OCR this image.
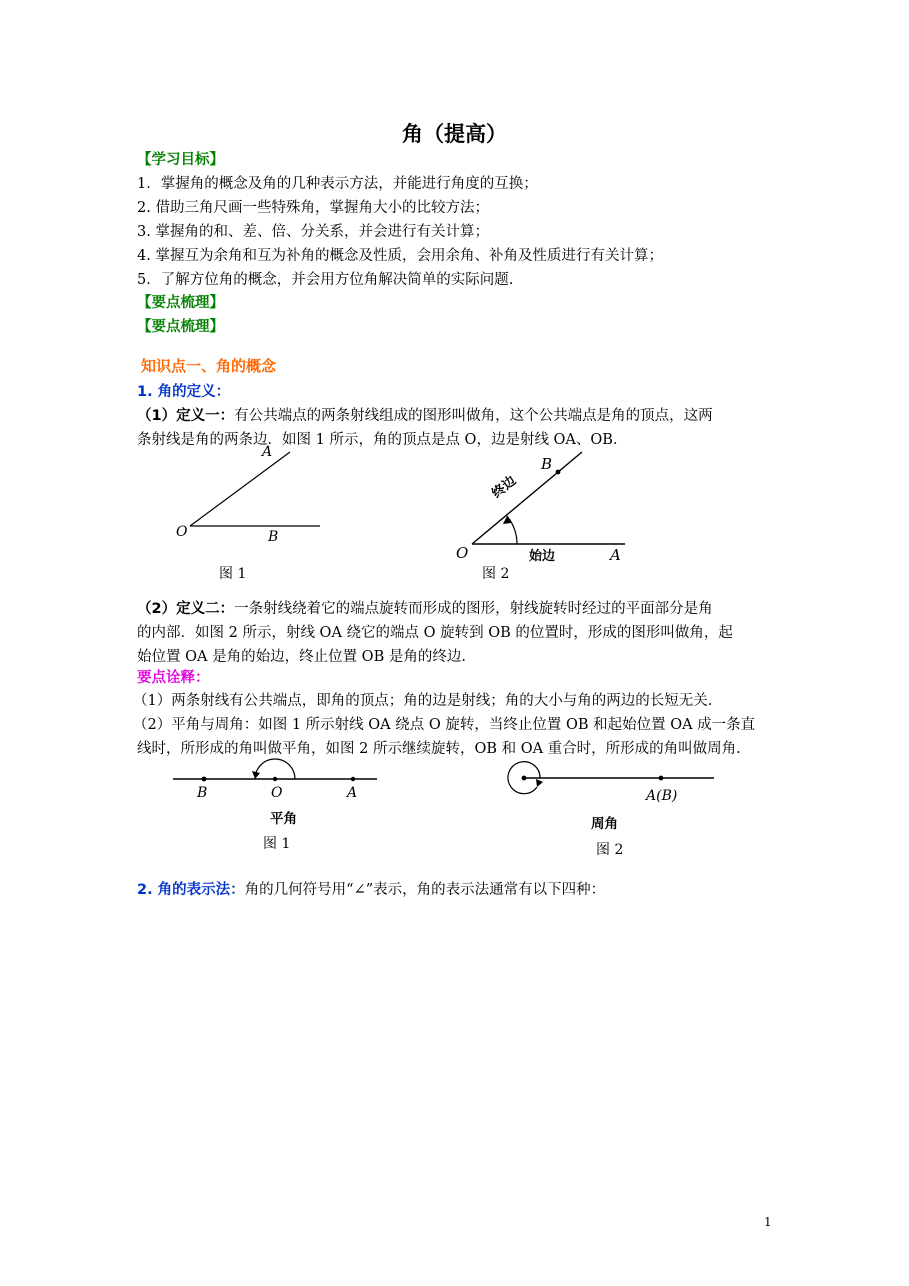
角（提高）
【学习目标】
1．掌握角的概念及角的几种表示方法，并能进行角度的互换；
2. 借助三角尺画一些特殊角，掌握角大小的比较方法；
3. 掌握角的和、差、倍、分关系，并会进行有关计算；
4. 掌握互为余角和互为补角的概念及性质，会用余角、补角及性质进行有关计算；
5．了解方位角的概念，并会用方位角解决简单的实际问题.
【要点梳理】
【要点梳理】
知识点一、角的概念
1. 角的定义：
（1）定义一：有公共端点的两条射线组成的图形叫做角，这个公共端点是角的顶点，这两
条射线是角的两条边．如图 1 所示，角的顶点是点 O，边是射线 OA、OB．
A
O	B
图 1
B
O	A
终边
始边
图 2
（2）定义二：一条射线绕着它的端点旋转而形成的图形，射线旋转时经过的平面部分是角
的内部．如图 2 所示，射线 OA 绕它的端点 O 旋转到 OB 的位置时，形成的图形叫做角，起
始位置 OA 是角的始边，终止位置 OB 是角的终边.
要点诠释：
（1）两条射线有公共端点，即角的顶点；角的边是射线；角的大小与角的两边的长短无关.
（2）平角与周角：如图 1 所示射线 OA 绕点 O 旋转，当终止位置 OB 和起始位置 OA 成一条直
线时，所形成的角叫做平角，如图 2 所示继续旋转，OB 和 OA 重合时，所形成的角叫做周角.
B	O	A
平角
图 1
A(B)
周角
图 2
2. 角的表示法：角的几何符号用“∠”表示，角的表示法通常有以下四种：
1
